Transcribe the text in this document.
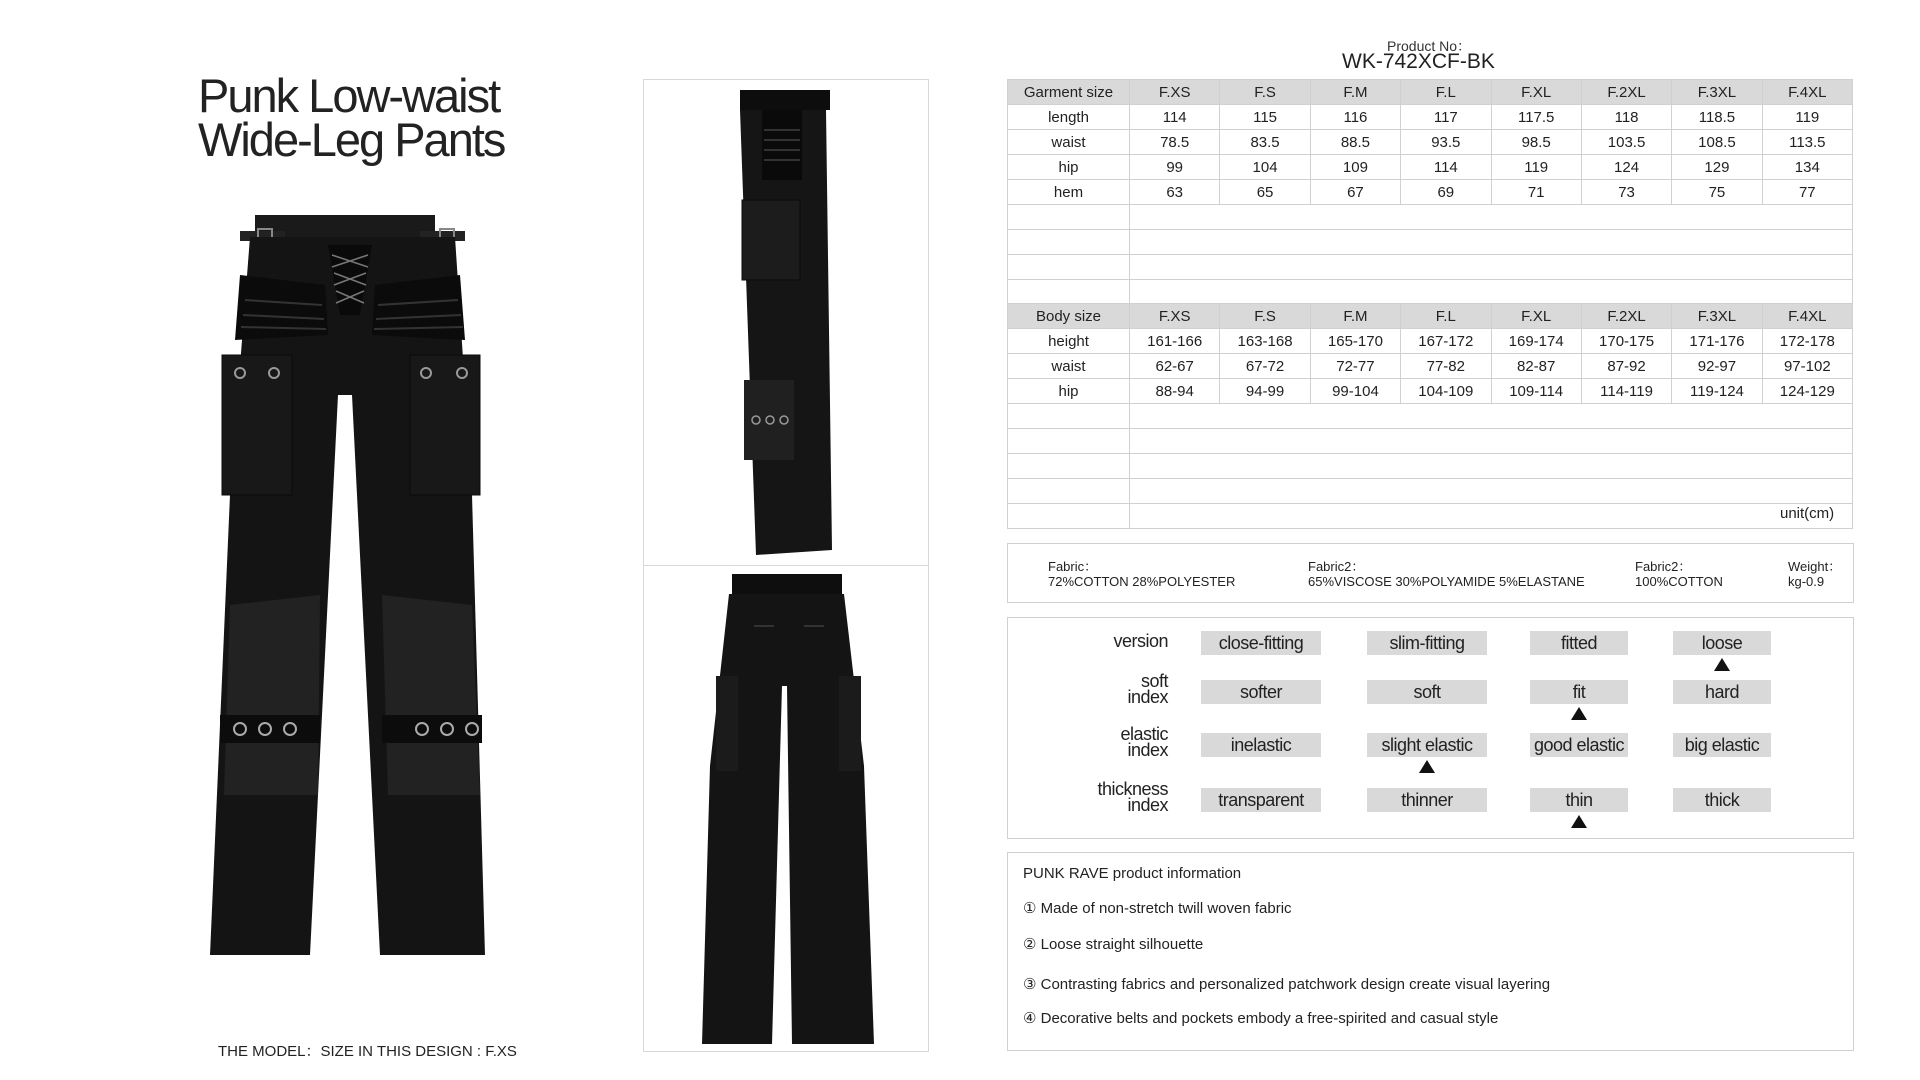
Punk Low-waist
Wide-Leg Pants
THE MODEL：SIZE IN THIS DESIGN : F.XS
Product No：
WK-742XCF-BK
Garment size	F.XS	F.S	F.M	F.L	F.XL	F.2XL	F.3XL	F.4XL
length	114	115	116	117	117.5	118	118.5	119
waist	78.5	83.5	88.5	93.5	98.5	103.5	108.5	113.5
hip	99	104	109	114	119	124	129	134
hem	63	65	67	69	71	73	75	77

Body size	F.XS	F.S	F.M	F.L	F.XL	F.2XL	F.3XL	F.4XL
height	161-166	163-168	165-170	167-172	169-174	170-175	171-176	172-178
waist	62-67	67-72	72-77	77-82	82-87	87-92	92-97	97-102
hip	88-94	94-99	99-104	104-109	109-114	114-119	119-124	124-129

unit(cm)
Fabric：
72%COTTON 28%POLYESTER
Fabric2：
65%VISCOSE 30%POLYAMIDE 5%ELASTANE
Fabric2：
100%COTTON
Weight：
kg-0.9
version	close-fitting	slim-fitting	fitted	loose
soft
index	softer	soft	fit	hard
elastic
index	inelastic	slight elastic	good elastic	big elastic
thickness
index	transparent	thinner	thin	thick
PUNK RAVE product information
① Made of non-stretch twill woven fabric
② Loose straight silhouette
③ Contrasting fabrics and personalized patchwork design create visual layering
④ Decorative belts and pockets embody a free-spirited and casual style
